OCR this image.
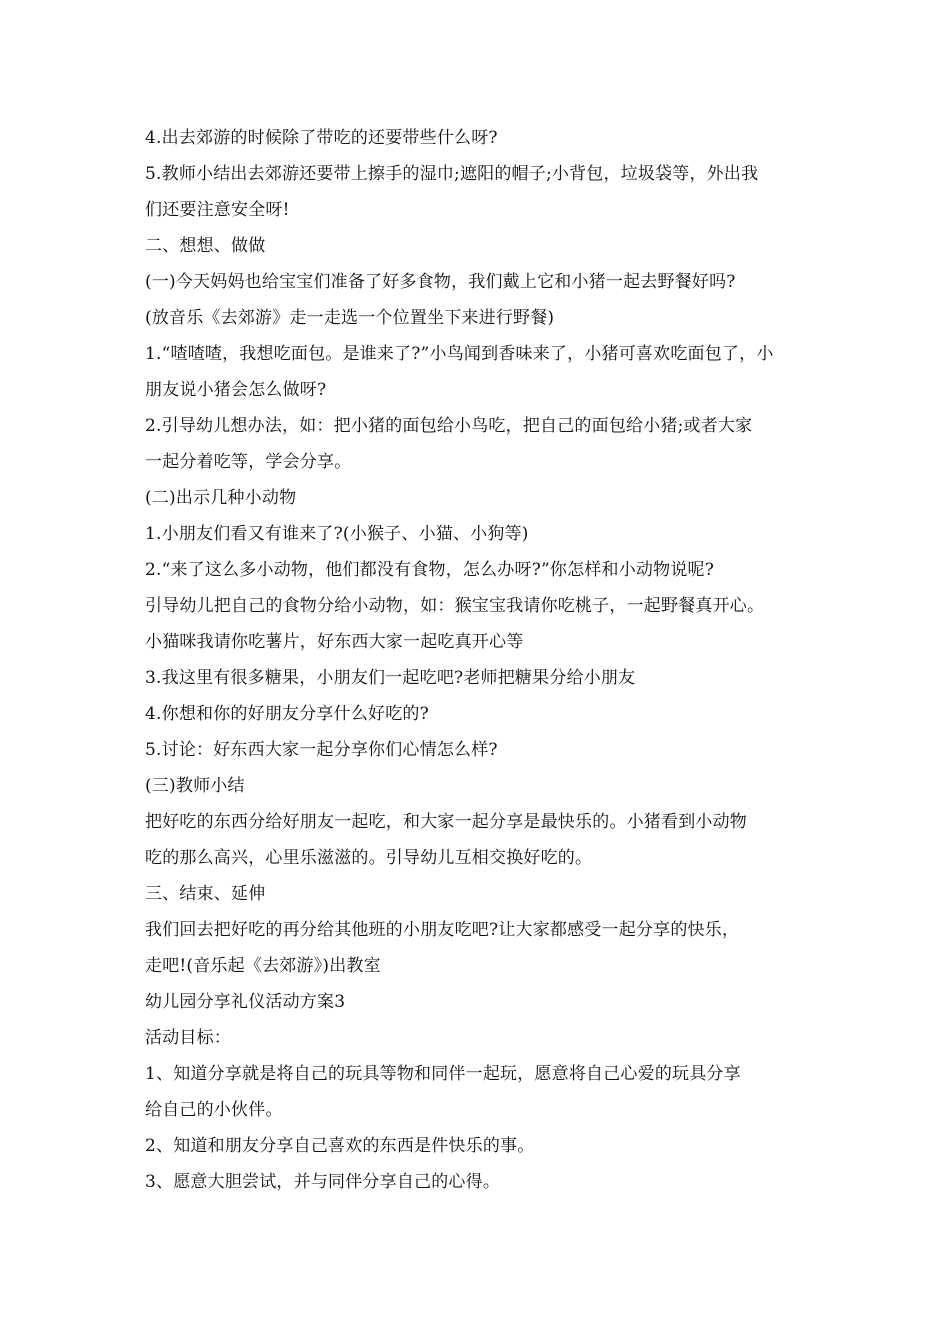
4.出去郊游的时候除了带吃的还要带些什么呀?
5.教师小结出去郊游还要带上擦手的湿巾;遮阳的帽子;小背包，垃圾袋等，外出我
们还要注意安全呀!
二、想想、做做
(一)今天妈妈也给宝宝们准备了好多食物，我们戴上它和小猪一起去野餐好吗?
(放音乐《去郊游》走一走选一个位置坐下来进行野餐)
1.“喳喳喳，我想吃面包。是谁来了?”小鸟闻到香味来了，小猪可喜欢吃面包了，小
朋友说小猪会怎么做呀?
2.引导幼儿想办法，如：把小猪的面包给小鸟吃，把自己的面包给小猪;或者大家
一起分着吃等，学会分享。
(二)出示几种小动物
1.小朋友们看又有谁来了?(小猴子、小猫、小狗等)
2.“来了这么多小动物，他们都没有食物，怎么办呀?”你怎样和小动物说呢?
引导幼儿把自己的食物分给小动物，如：猴宝宝我请你吃桃子，一起野餐真开心。
小猫咪我请你吃薯片，好东西大家一起吃真开心等
3.我这里有很多糖果，小朋友们一起吃吧?老师把糖果分给小朋友
4.你想和你的好朋友分享什么好吃的?
5.讨论：好东西大家一起分享你们心情怎么样?
(三)教师小结
把好吃的东西分给好朋友一起吃，和大家一起分享是最快乐的。小猪看到小动物
吃的那么高兴，心里乐滋滋的。引导幼儿互相交换好吃的。
三、结束、延伸
我们回去把好吃的再分给其他班的小朋友吃吧?让大家都感受一起分享的快乐，
走吧!(音乐起《去郊游》)出教室
幼儿园分享礼仪活动方案3
活动目标：
1、知道分享就是将自己的玩具等物和同伴一起玩，愿意将自己心爱的玩具分享
给自己的小伙伴。
2、知道和朋友分享自己喜欢的东西是件快乐的事。
3、愿意大胆尝试，并与同伴分享自己的心得。
